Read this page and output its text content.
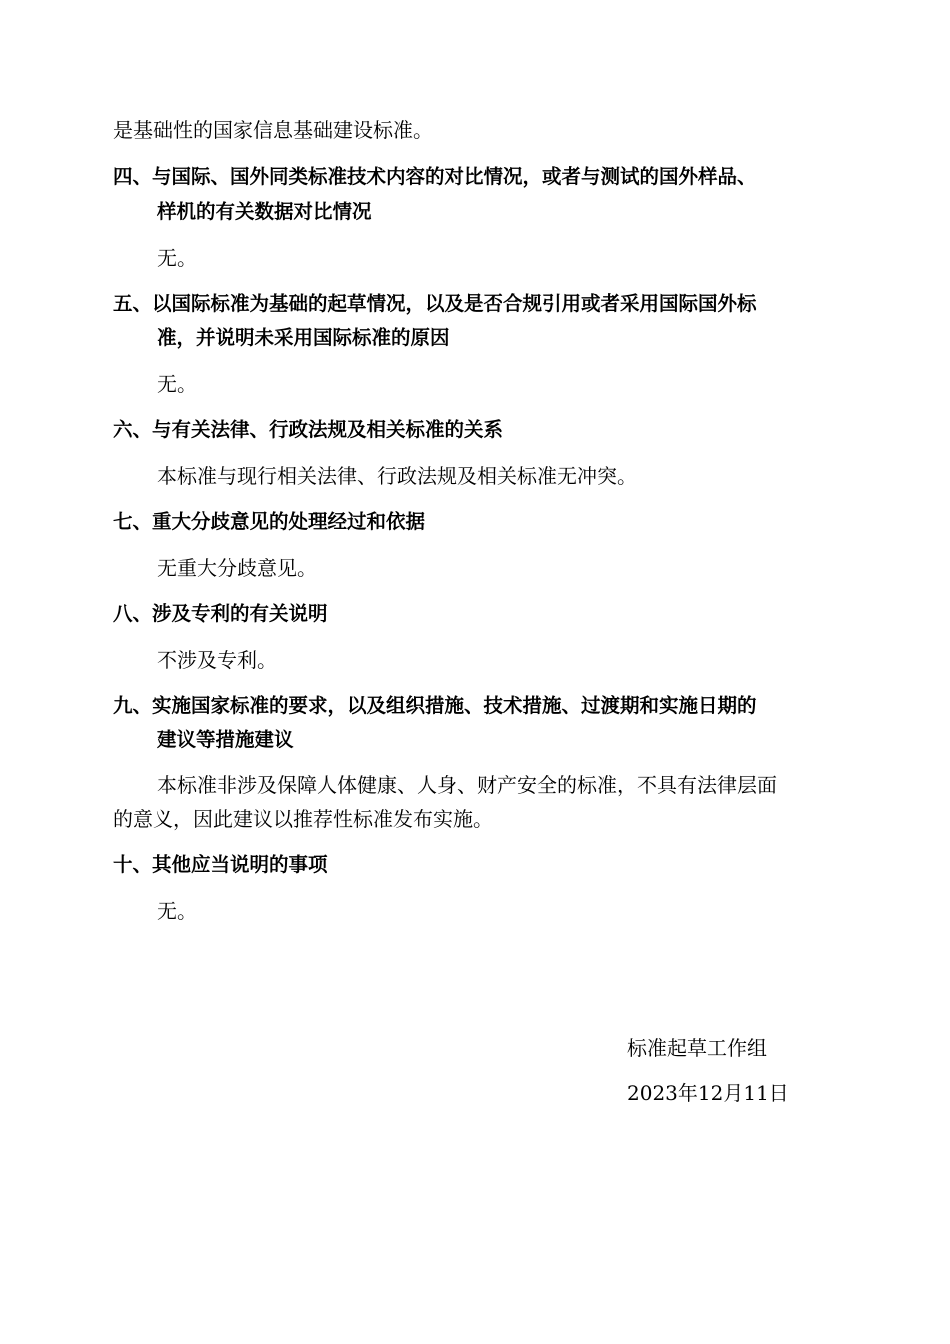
是基础性的国家信息基础建设标准。

四、与国际、国外同类标准技术内容的对比情况，或者与测试的国外样品、

样机的有关数据对比情况

无。

五、以国际标准为基础的起草情况，以及是否合规引用或者采用国际国外标

准，并说明未采用国际标准的原因

无。

六、与有关法律、行政法规及相关标准的关系

本标准与现行相关法律、行政法规及相关标准无冲突。

七、重大分歧意见的处理经过和依据

无重大分歧意见。

八、涉及专利的有关说明

不涉及专利。

九、实施国家标准的要求，以及组织措施、技术措施、过渡期和实施日期的

建议等措施建议

本标准非涉及保障人体健康、人身、财产安全的标准，不具有法律层面

的意义，因此建议以推荐性标准发布实施。

十、其他应当说明的事项

无。

标准起草工作组
2023年12月11日
